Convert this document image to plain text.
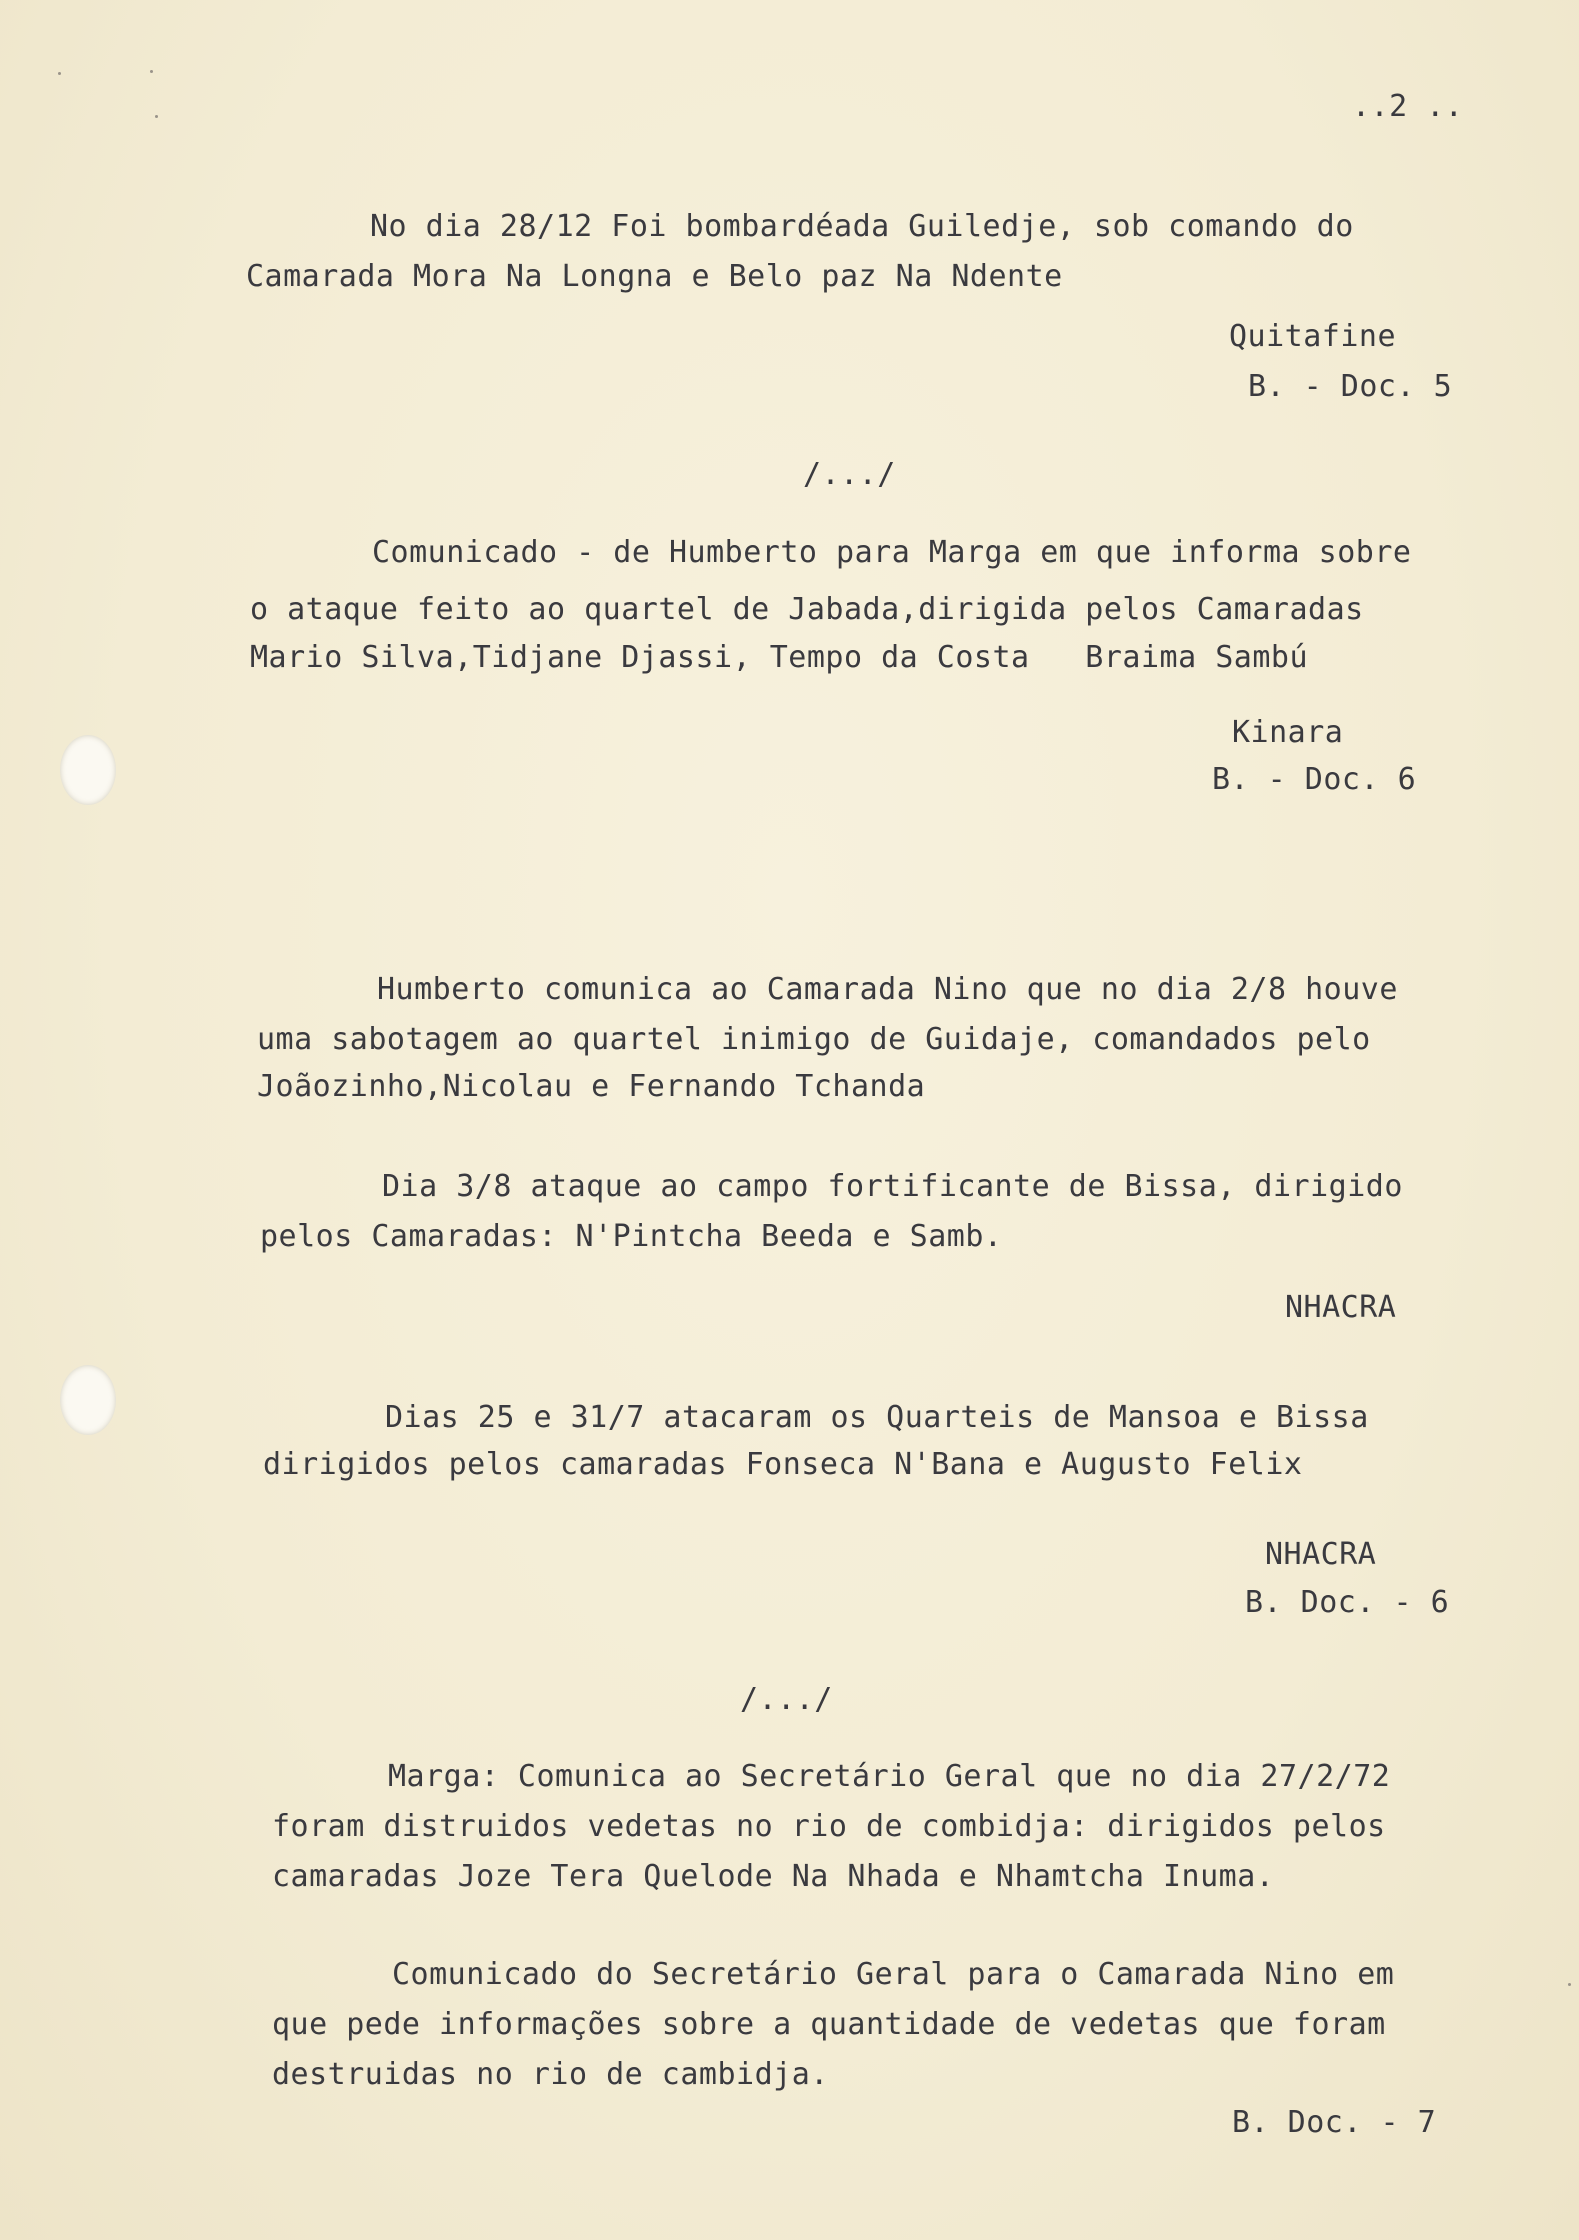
..2 ..
No dia 28/12 Foi bombardéada Guiledje, sob comando do
Camarada Mora Na Longna e Belo paz Na Ndente
Quitafine
B. - Doc. 5
/.../
Comunicado - de Humberto para Marga em que informa sobre
o ataque feito ao quartel de Jabada,dirigida pelos Camaradas
Mario Silva,Tidjane Djassi, Tempo da Costa   Braima Sambú
Kinara
B. - Doc. 6
Humberto comunica ao Camarada Nino que no dia 2/8 houve
uma sabotagem ao quartel inimigo de Guidaje, comandados pelo
Joãozinho,Nicolau e Fernando Tchanda
Dia 3/8 ataque ao campo fortificante de Bissa, dirigido
pelos Camaradas: N'Pintcha Beeda e Samb.
NHACRA
Dias 25 e 31/7 atacaram os Quarteis de Mansoa e Bissa
dirigidos pelos camaradas Fonseca N'Bana e Augusto Felix
NHACRA
B. Doc. - 6
/.../
Marga: Comunica ao Secretário Geral que no dia 27/2/72
foram distruidos vedetas no rio de combidja: dirigidos pelos
camaradas Joze Tera Quelode Na Nhada e Nhamtcha Inuma.
Comunicado do Secretário Geral para o Camarada Nino em
que pede informações sobre a quantidade de vedetas que foram
destruidas no rio de cambidja.
B. Doc. - 7
